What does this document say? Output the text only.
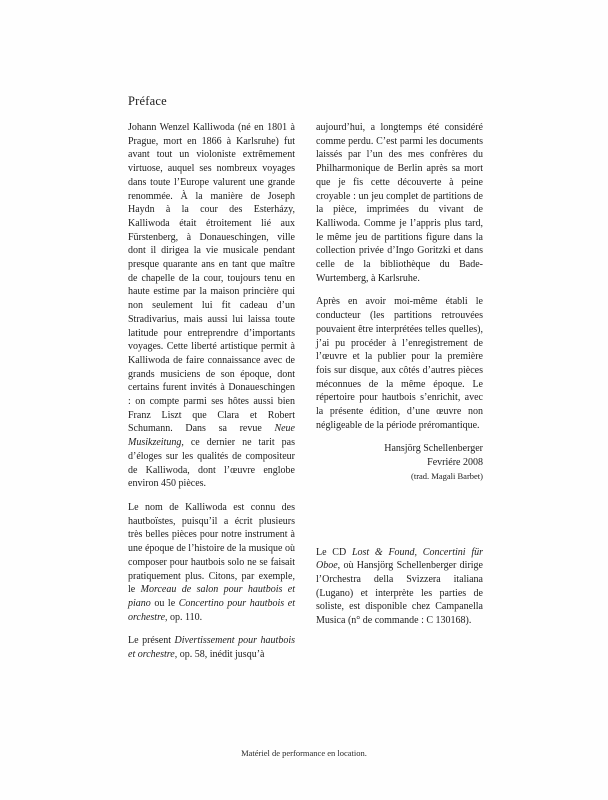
Préface

Johann Wenzel Kalliwoda (né en 1801 à Prague, mort en 1866 à Karlsruhe) fut avant tout un violoniste extrêmement virtuose, auquel ses nombreux voyages dans toute l’Europe valurent une grande renommée. À la manière de Joseph Haydn à la cour des Esterházy, Kalliwoda était étroitement lié aux Fürstenberg, à Donaueschingen, ville dont il dirigea la vie musicale pendant presque quarante ans en tant que maître de chapelle de la cour, toujours tenu en haute estime par la maison princière qui non seulement lui fit cadeau d’un Stradivarius, mais aussi lui laissa toute latitude pour entreprendre d’importants voyages. Cette liberté artistique permit à Kalliwoda de faire connaissance avec de grands musiciens de son époque, dont certains furent invités à Donaueschingen : on compte parmi ses hôtes aussi bien Franz Liszt que Clara et Robert Schumann. Dans sa revue Neue Musikzeitung, ce dernier ne tarit pas d’éloges sur les qualités de compositeur de Kalliwoda, dont l’œuvre englobe environ 450 pièces.

Le nom de Kalliwoda est connu des hautboïstes, puisqu’il a écrit plusieurs très belles pièces pour notre instrument à une époque de l’histoire de la musique où composer pour hautbois solo ne se faisait pratiquement plus. Citons, par exemple, le Morceau de salon pour hautbois et piano ou le Concertino pour hautbois et orchestre, op. 110.

Le présent Divertissement pour hautbois et orchestre, op. 58, inédit jusqu’à

aujourd’hui, a longtemps été considéré comme perdu. C’est parmi les documents laissés par l’un des mes confrères du Philharmonique de Berlin après sa mort que je fis cette découverte à peine croyable : un jeu complet de partitions de la pièce, imprimées du vivant de Kalliwoda. Comme je l’appris plus tard, le même jeu de partitions figure dans la collection privée d’Ingo Goritzki et dans celle de la bibliothèque du Bade-Wurtemberg, à Karlsruhe.

Après en avoir moi-même établi le conducteur (les partitions retrouvées pouvaient être interprétées telles quelles), j’ai pu procéder à l’enregistrement de l’œuvre et la publier pour la première fois sur disque, aux côtés d’autres pièces méconnues de la même époque. Le répertoire pour hautbois s’enrichit, avec la présente édition, d’une œuvre non négligeable de la période préromantique.

Hansjörg Schellenberger
Fevriére 2008
(trad. Magali Barbet)

Le CD Lost & Found, Concertini für Oboe, où Hansjörg Schellenberger dirige l’Orchestra della Svizzera italiana (Lugano) et interprète les parties de soliste, est disponible chez Campanella Musica (n° de commande : C 130168).

Matériel de performance en location.
